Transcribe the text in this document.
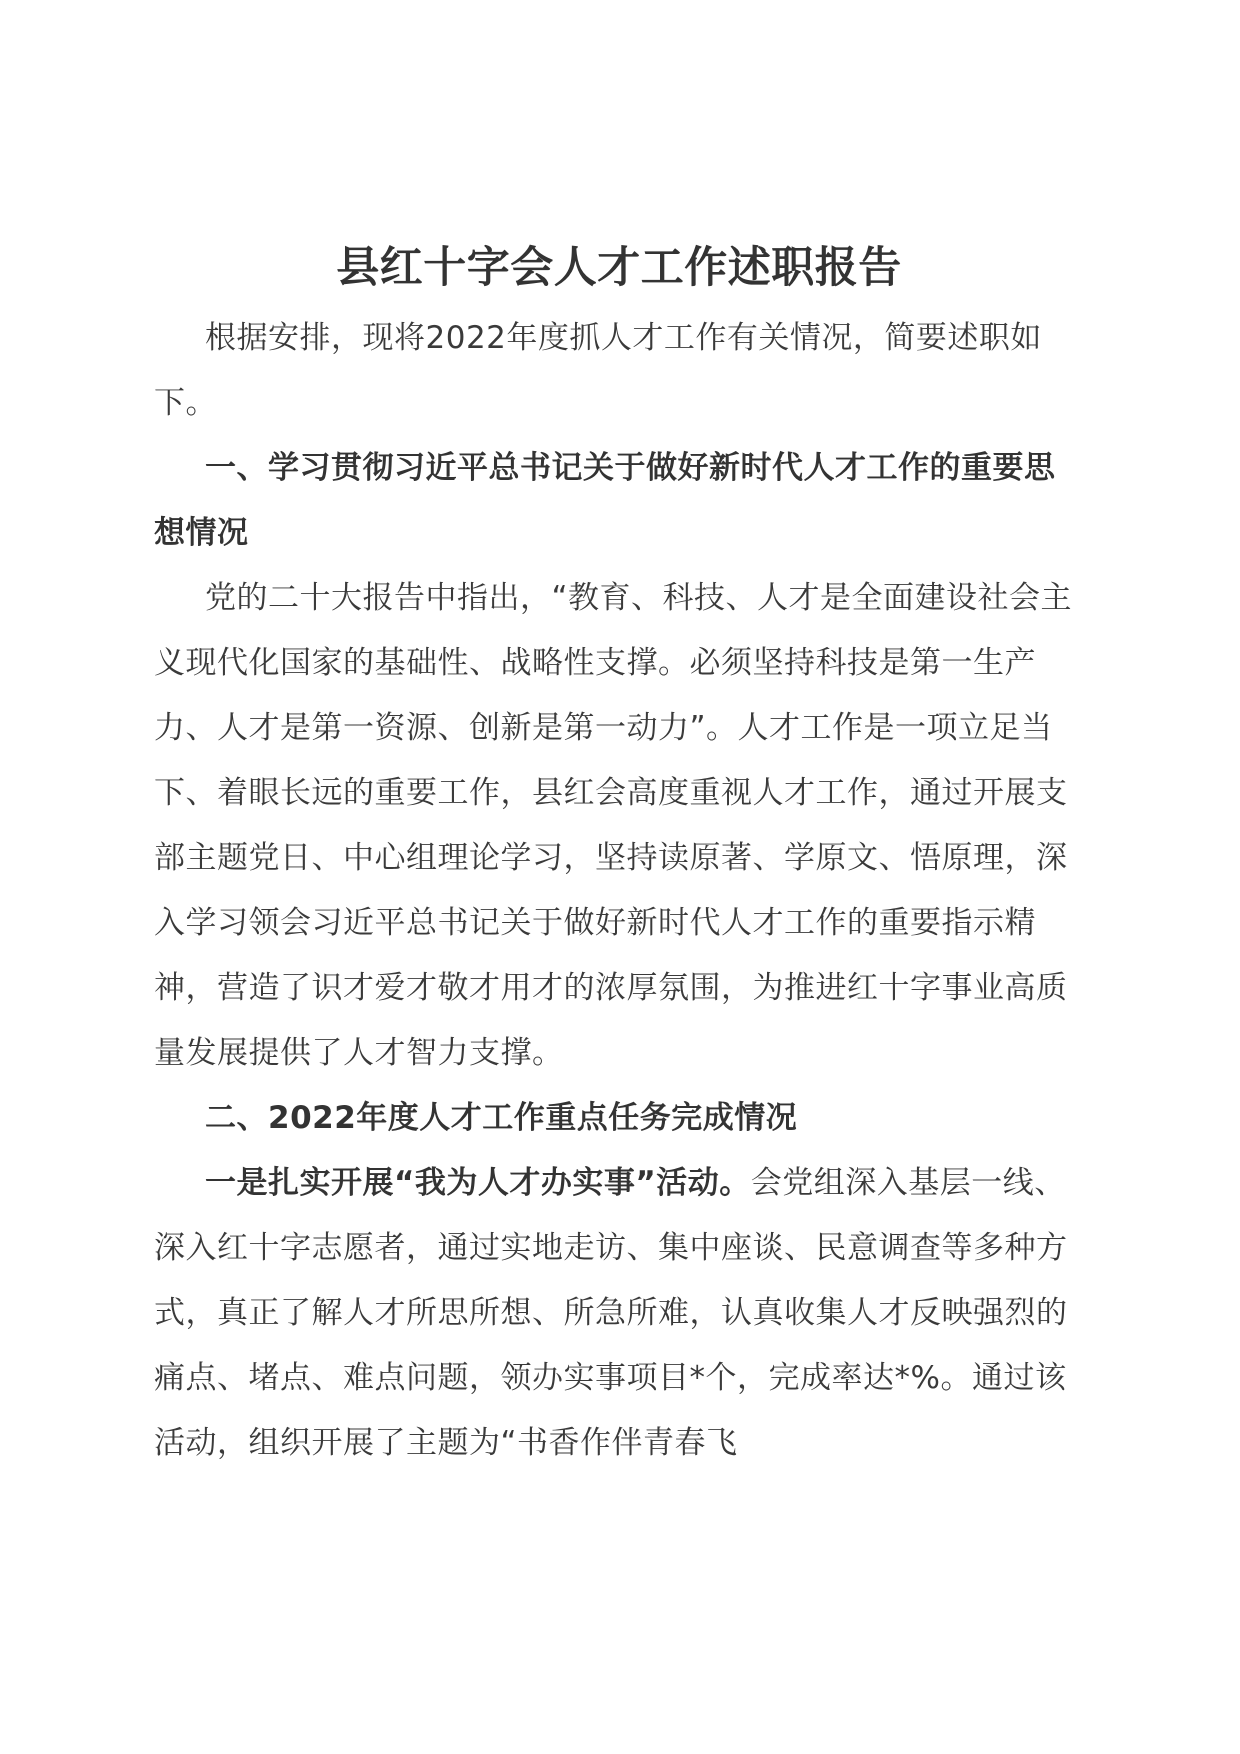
县红十字会人才工作述职报告

根据安排，现将2022年度抓人才工作有关情况，简要述职如下。

一、学习贯彻习近平总书记关于做好新时代人才工作的重要思想情况

党的二十大报告中指出，“教育、科技、人才是全面建设社会主义现代化国家的基础性、战略性支撑。必须坚持科技是第一生产力、人才是第一资源、创新是第一动力”。人才工作是一项立足当下、着眼长远的重要工作，县红会高度重视人才工作，通过开展支部主题党日、中心组理论学习，坚持读原著、学原文、悟原理，深入学习领会习近平总书记关于做好新时代人才工作的重要指示精神，营造了识才爱才敬才用才的浓厚氛围，为推进红十字事业高质量发展提供了人才智力支撑。

二、2022年度人才工作重点任务完成情况

一是扎实开展“我为人才办实事”活动。会党组深入基层一线、深入红十字志愿者，通过实地走访、集中座谈、民意调查等多种方式，真正了解人才所思所想、所急所难，认真收集人才反映强烈的痛点、堵点、难点问题，领办实事项目*个，完成率达*%。通过该活动，组织开展了主题为“书香作伴青春飞
